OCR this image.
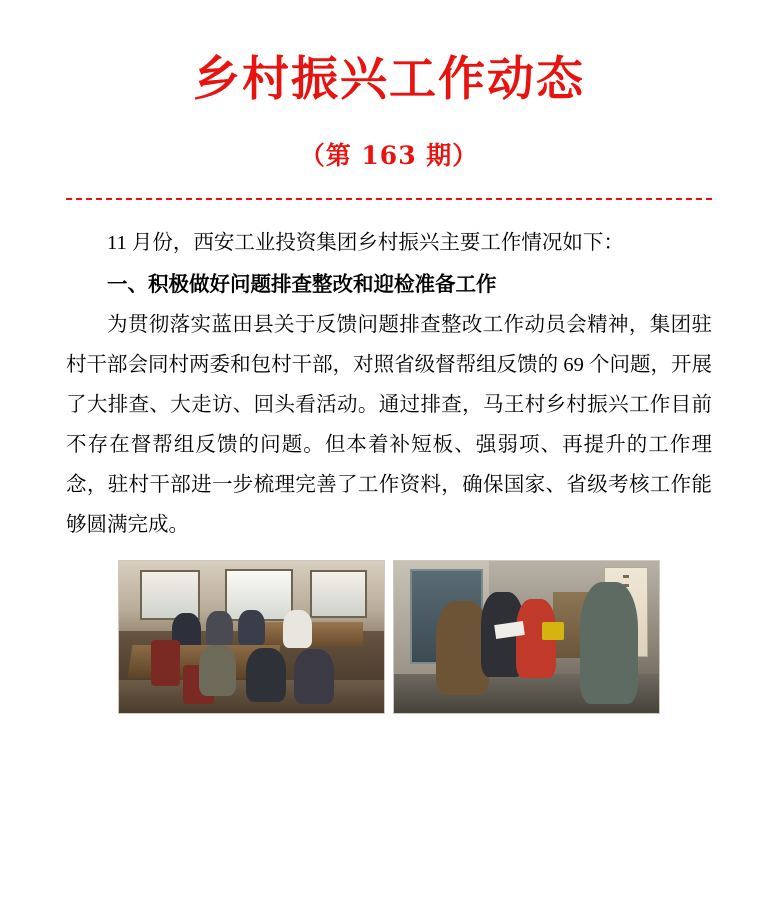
乡村振兴工作动态
（第 163 期）

11 月份，西安工业投资集团乡村振兴主要工作情况如下：

一、积极做好问题排查整改和迎检准备工作

为贯彻落实蓝田县关于反馈问题排查整改工作动员会精神，集团驻村干部会同村两委和包村干部，对照省级督帮组反馈的 69 个问题，开展了大排查、大走访、回头看活动。通过排查，马王村乡村振兴工作目前不存在督帮组反馈的问题。但本着补短板、强弱项、再提升的工作理念，驻村干部进一步梳理完善了工作资料，确保国家、省级考核工作能够圆满完成。
